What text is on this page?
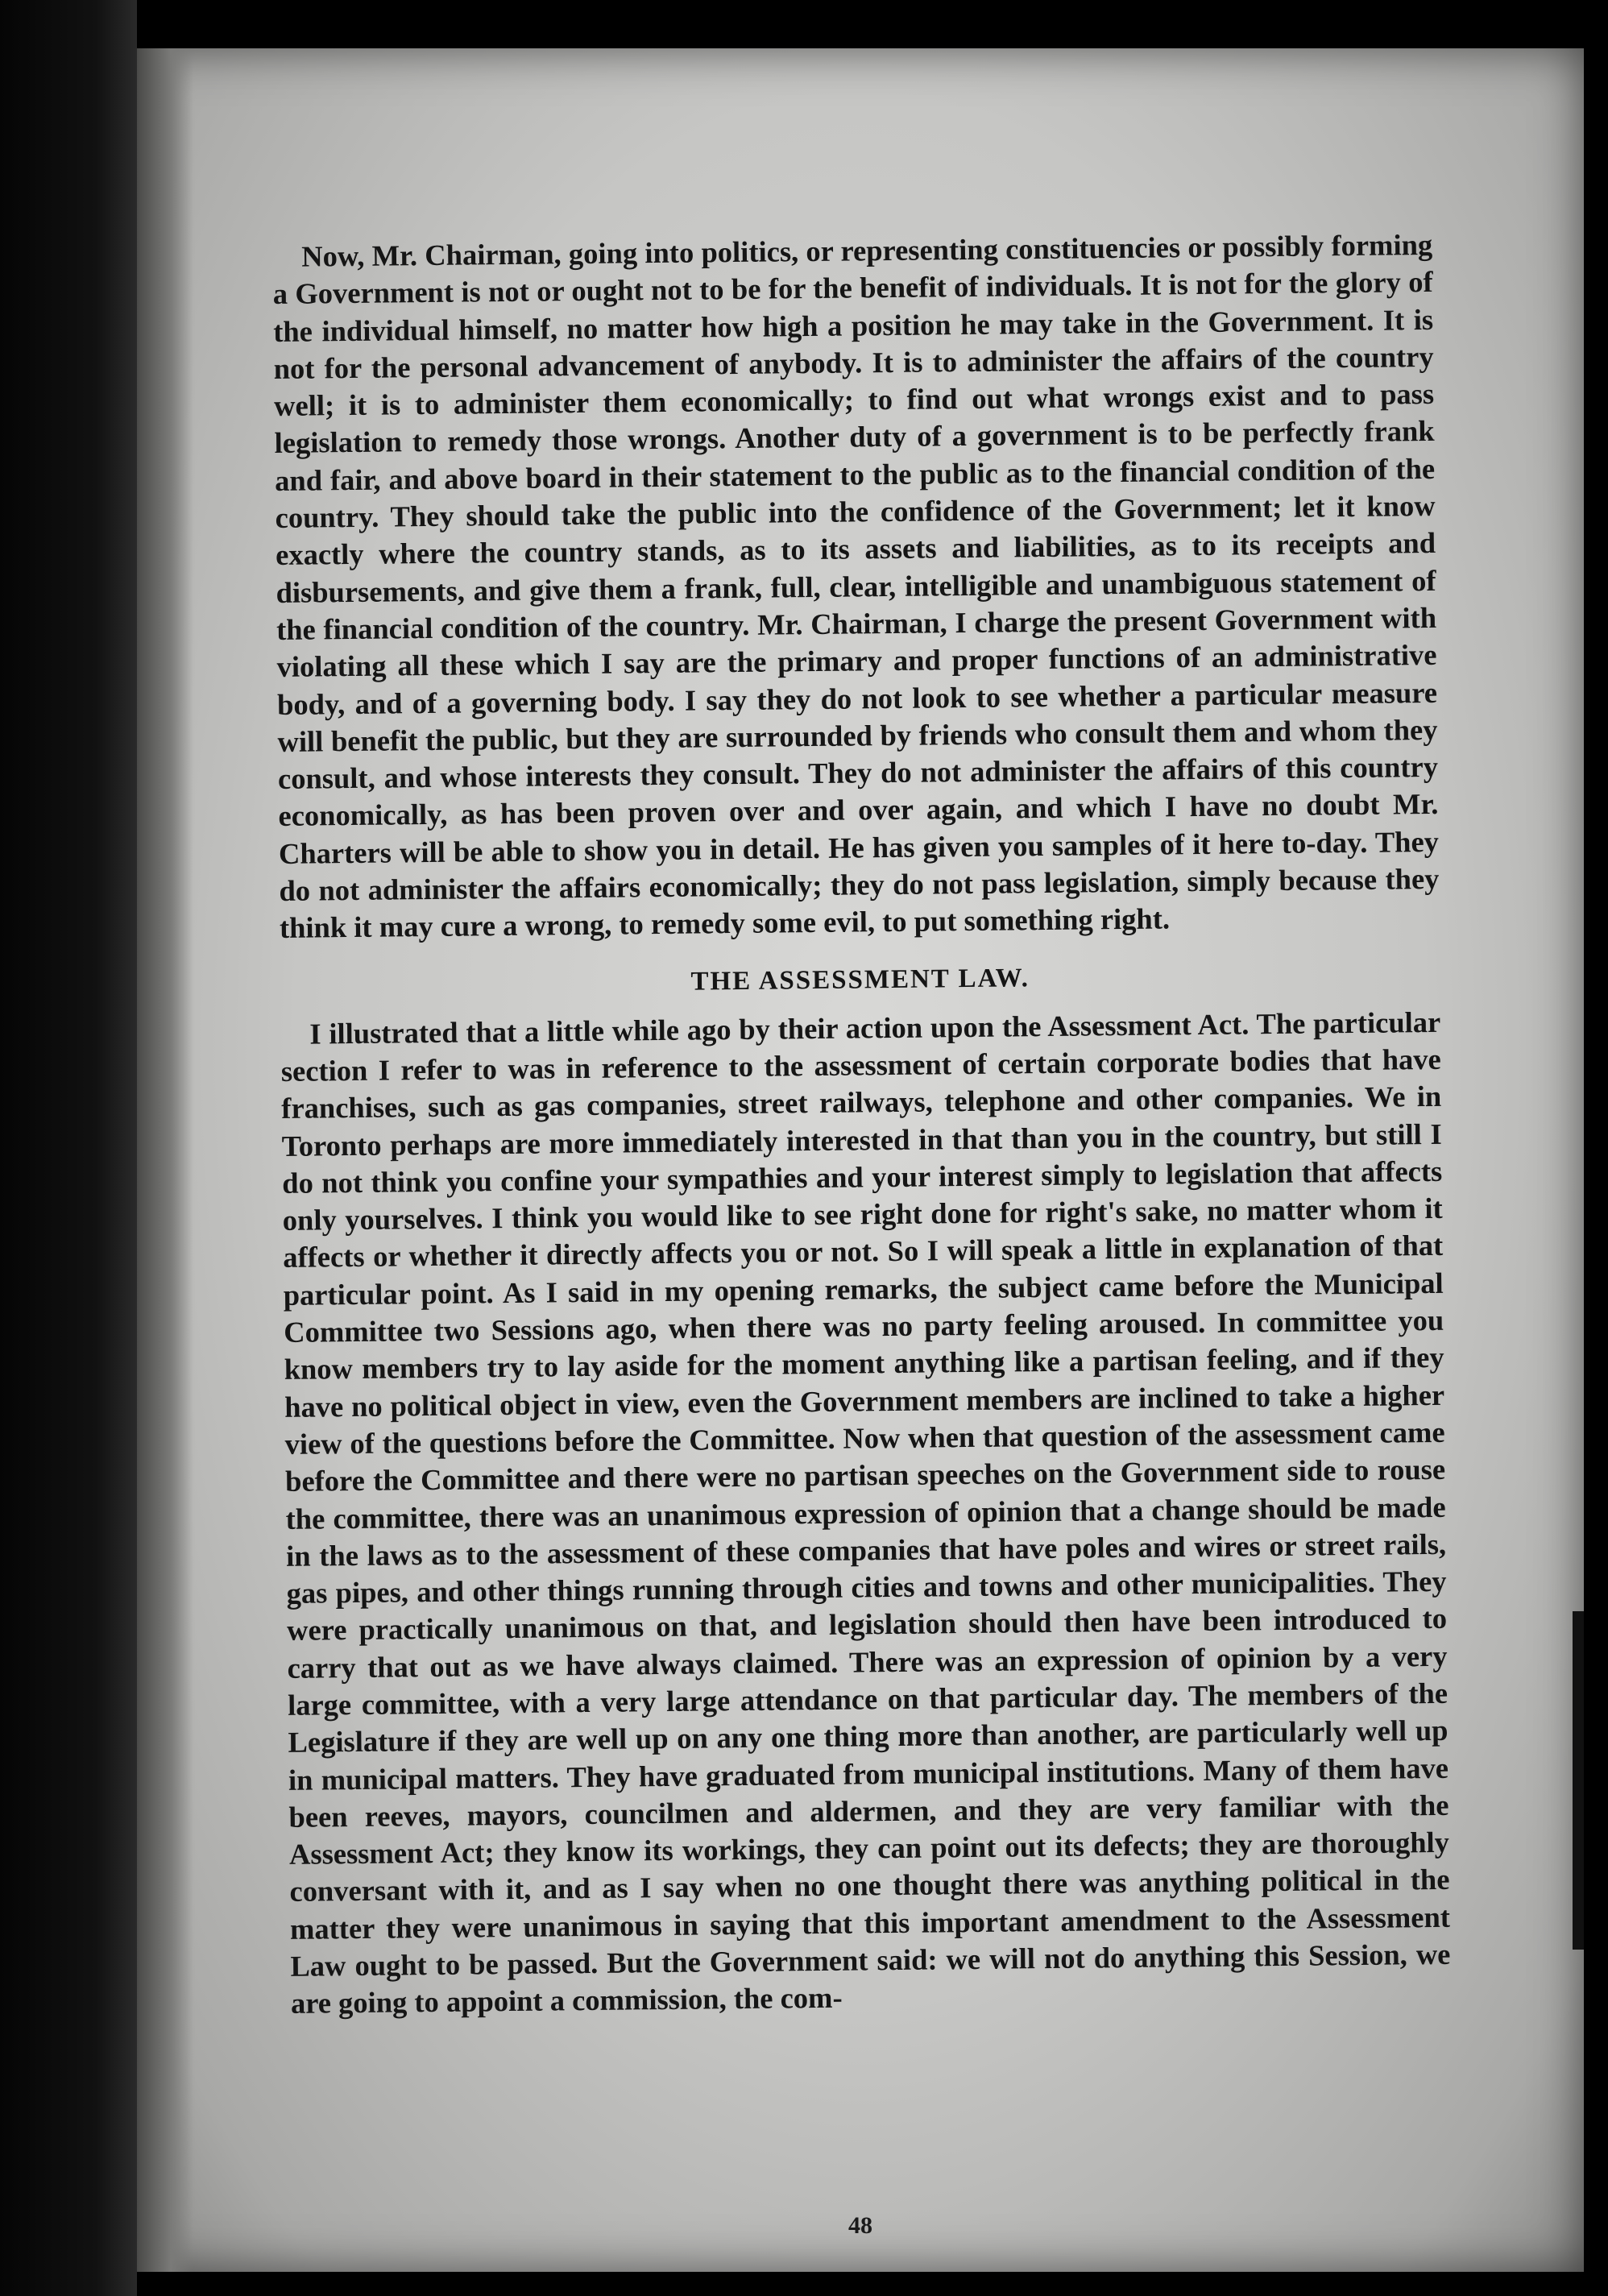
Now, Mr. Chairman, going into politics, or representing constituencies or possibly forming a Government is not or ought not to be for the benefit of individuals. It is not for the glory of the individual himself, no matter how high a position he may take in the Government. It is not for the personal advancement of anybody. It is to administer the affairs of the country well; it is to administer them economically; to find out what wrongs exist and to pass legislation to remedy those wrongs. Another duty of a government is to be perfectly frank and fair, and above board in their statement to the public as to the financial condition of the country. They should take the public into the confidence of the Government; let it know exactly where the country stands, as to its assets and liabilities, as to its receipts and disbursements, and give them a frank, full, clear, intelligible and unambiguous statement of the financial condition of the country. Mr. Chairman, I charge the present Government with violating all these which I say are the primary and proper functions of an administrative body, and of a governing body. I say they do not look to see whether a particular measure will benefit the public, but they are surrounded by friends who consult them and whom they consult, and whose interests they consult. They do not administer the affairs of this country economically, as has been proven over and over again, and which I have no doubt Mr. Charters will be able to show you in detail. He has given you samples of it here to-day. They do not administer the affairs economically; they do not pass legislation, simply because they think it may cure a wrong, to remedy some evil, to put something right.

THE ASSESSMENT LAW.

I illustrated that a little while ago by their action upon the Assessment Act. The particular section I refer to was in reference to the assessment of certain corporate bodies that have franchises, such as gas companies, street railways, telephone and other companies. We in Toronto perhaps are more immediately interested in that than you in the country, but still I do not think you confine your sympathies and your interest simply to legislation that affects only yourselves. I think you would like to see right done for right's sake, no matter whom it affects or whether it directly affects you or not. So I will speak a little in explanation of that particular point. As I said in my opening remarks, the subject came before the Municipal Committee two Sessions ago, when there was no party feeling aroused. In committee you know members try to lay aside for the moment anything like a partisan feeling, and if they have no political object in view, even the Government members are inclined to take a higher view of the questions before the Committee. Now when that question of the assessment came before the Committee and there were no partisan speeches on the Government side to rouse the committee, there was an unanimous expression of opinion that a change should be made in the laws as to the assessment of these companies that have poles and wires or street rails, gas pipes, and other things running through cities and towns and other municipalities. They were practically unanimous on that, and legislation should then have been introduced to carry that out as we have always claimed. There was an expression of opinion by a very large committee, with a very large attendance on that particular day. The members of the Legislature if they are well up on any one thing more than another, are particularly well up in municipal matters. They have graduated from municipal institutions. Many of them have been reeves, mayors, councilmen and aldermen, and they are very familiar with the Assessment Act; they know its workings, they can point out its defects; they are thoroughly conversant with it, and as I say when no one thought there was anything political in the matter they were unanimous in saying that this important amendment to the Assessment Law ought to be passed. But the Government said: we will not do anything this Session, we are going to appoint a commission, the com-

48
